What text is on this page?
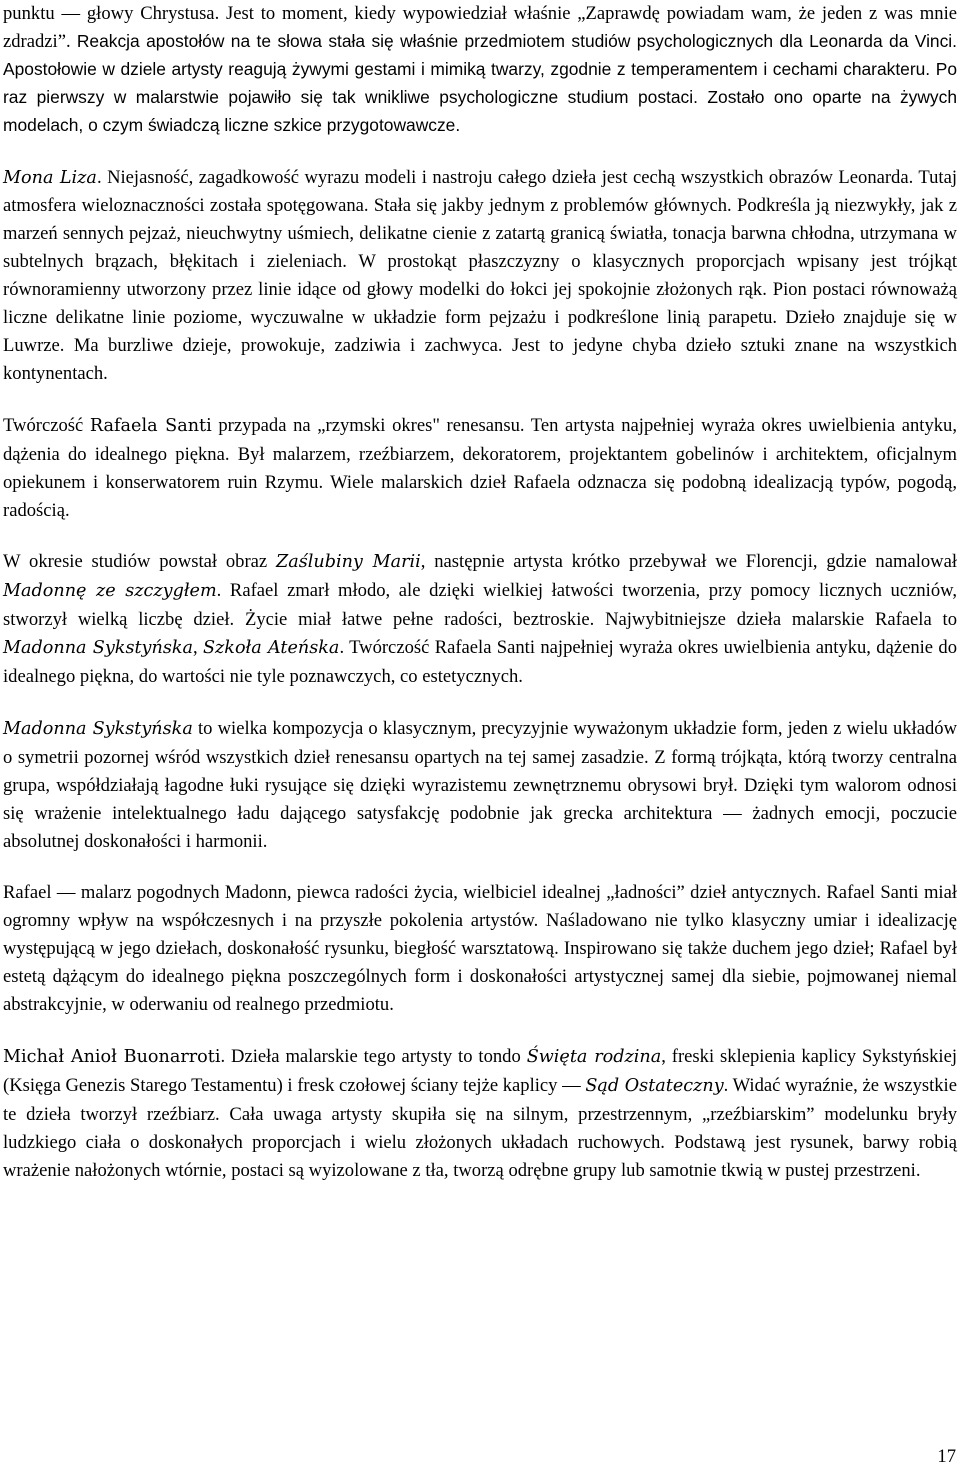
punktu — głowy Chrystusa. Jest to moment, kiedy wypowiedział właśnie „Zaprawdę powiadam wam, że jeden z was mnie zdradzi”. Reakcja apostołów na te słowa stała się właśnie przedmiotem studiów psychologicznych dla Leonarda da Vinci. Apostołowie w dziele artysty reagują żywymi gestami i mimiką twarzy, zgodnie z temperamentem i cechami charakteru. Po raz pierwszy w malarstwie pojawiło się tak wnikliwe psychologiczne studium postaci. Zostało ono oparte na żywych modelach, o czym świadczą liczne szkice przygotowawcze.

Mona Liza. Niejasność, zagadkowość wyrazu modeli i nastroju całego dzieła jest cechą wszystkich obrazów Leonarda. Tutaj atmosfera wieloznaczności została spotęgowana. Stała się jakby jednym z problemów głównych. Podkreśla ją niezwykły, jak z marzeń sennych pejzaż, nieuchwytny uśmiech, delikatne cienie z zatartą granicą światła, tonacja barwna chłodna, utrzymana w subtelnych brązach, błękitach i zieleniach. W prostokąt płaszczyzny o klasycznych proporcjach wpisany jest trójkąt równoramienny utworzony przez linie idące od głowy modelki do łokci jej spokojnie złożonych rąk. Pion postaci równoważą liczne delikatne linie poziome, wyczuwalne w układzie form pejzażu i podkreślone linią parapetu. Dzieło znajduje się w Luwrze. Ma burzliwe dzieje, prowokuje, zadziwia i zachwyca. Jest to jedyne chyba dzieło sztuki znane na wszystkich kontynentach.

Twórczość Rafaela Santi przypada na „rzymski okres" renesansu. Ten artysta najpełniej wyraża okres uwielbienia antyku, dążenia do idealnego piękna. Był malarzem, rzeźbiarzem, dekoratorem, projektantem gobelinów i architektem, oficjalnym opiekunem i konserwatorem ruin Rzymu. Wiele malarskich dzieł Rafaela odznacza się podobną idealizacją typów, pogodą, radością.

W okresie studiów powstał obraz Zaślubiny Marii, następnie artysta krótko przebywał we Florencji, gdzie namalował Madonnę ze szczygłem. Rafael zmarł młodo, ale dzięki wielkiej łatwości tworzenia, przy pomocy licznych uczniów, stworzył wielką liczbę dzieł. Życie miał łatwe pełne radości, beztroskie. Najwybitniejsze dzieła malarskie Rafaela to Madonna Sykstyńska, Szkoła Ateńska. Twórczość Rafaela Santi najpełniej wyraża okres uwielbienia antyku, dążenie do idealnego piękna, do wartości nie tyle poznawczych, co estetycznych.

Madonna Sykstyńska to wielka kompozycja o klasycznym, precyzyjnie wyważonym układzie form, jeden z wielu układów o symetrii pozornej wśród wszystkich dzieł renesansu opartych na tej samej zasadzie. Z formą trójkąta, którą tworzy centralna grupa, współdziałają łagodne łuki rysujące się dzięki wyrazistemu zewnętrznemu obrysowi brył. Dzięki tym walorom odnosi się wrażenie intelektualnego ładu dającego satysfakcję podobnie jak grecka architektura — żadnych emocji, poczucie absolutnej doskonałości i harmonii.

Rafael — malarz pogodnych Madonn, piewca radości życia, wielbiciel idealnej „ładności” dzieł antycznych. Rafael Santi miał ogromny wpływ na współczesnych i na przyszłe pokolenia artystów. Naśladowano nie tylko klasyczny umiar i idealizację występującą w jego dziełach, doskonałość rysunku, biegłość warsztatową. Inspirowano się także duchem jego dzieł; Rafael był estetą dążącym do idealnego piękna poszczególnych form i doskonałości artystycznej samej dla siebie, pojmowanej niemal abstrakcyjnie, w oderwaniu od realnego przedmiotu.

Michał Anioł Buonarroti. Dzieła malarskie tego artysty to tondo Święta rodzina, freski sklepienia kaplicy Sykstyńskiej (Księga Genezis Starego Testamentu) i fresk czołowej ściany tejże kaplicy — Sąd Ostateczny. Widać wyraźnie, że wszystkie te dzieła tworzył rzeźbiarz. Cała uwaga artysty skupiła się na silnym, przestrzennym, „rzeźbiarskim” modelunku bryły ludzkiego ciała o doskonałych proporcjach i wielu złożonych układach ruchowych. Podstawą jest rysunek, barwy robią wrażenie nałożonych wtórnie, postaci są wyizolowane z tła, tworzą odrębne grupy lub samotnie tkwią w pustej przestrzeni.

17
